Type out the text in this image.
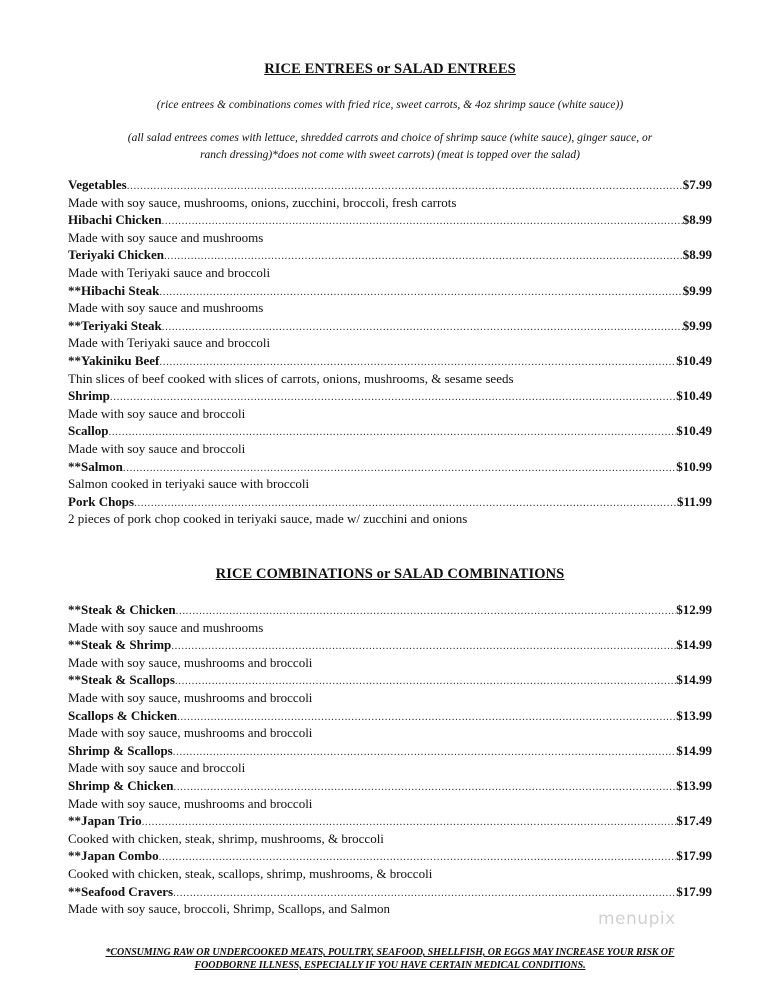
RICE ENTREES or SALAD ENTREES
(rice entrees & combinations comes with fried rice, sweet carrots, & 4oz shrimp sauce (white sauce))
(all salad entrees comes with lettuce, shredded carrots and choice of shrimp sauce (white sauce), ginger sauce, or
ranch dressing)*does not come with sweet carrots) (meat is topped over the salad)
Vegetables .....	$7.99
Made with soy sauce, mushrooms, onions, zucchini, broccoli, fresh carrots
Hibachi Chicken .....	$8.99
Made with soy sauce and mushrooms
Teriyaki Chicken .....	$8.99
Made with Teriyaki sauce and broccoli
**Hibachi Steak .....	$9.99
Made with soy sauce and mushrooms
**Teriyaki Steak .....	$9.99
Made with Teriyaki sauce and broccoli
**Yakiniku Beef .....	$10.49
Thin slices of beef cooked with slices of carrots, onions, mushrooms, & sesame seeds
Shrimp .....	$10.49
Made with soy sauce and broccoli
Scallop .....	$10.49
Made with soy sauce and broccoli
**Salmon .....	$10.99
Salmon cooked in teriyaki sauce with broccoli
Pork Chops .....	$11.99
2 pieces of pork chop cooked in teriyaki sauce, made w/ zucchini and onions
RICE COMBINATIONS or SALAD COMBINATIONS
**Steak & Chicken .....	$12.99
Made with soy sauce and mushrooms
**Steak & Shrimp .....	$14.99
Made with soy sauce, mushrooms and broccoli
**Steak & Scallops .....	$14.99
Made with soy sauce, mushrooms and broccoli
Scallops & Chicken .....	$13.99
Made with soy sauce, mushrooms and broccoli
Shrimp & Scallops .....	$14.99
Made with soy sauce and broccoli
Shrimp & Chicken .....	$13.99
Made with soy sauce, mushrooms and broccoli
**Japan Trio .....	$17.49
Cooked with chicken, steak, shrimp, mushrooms, & broccoli
**Japan Combo .....	$17.99
Cooked with chicken, steak, scallops, shrimp, mushrooms, & broccoli
**Seafood Cravers .....	$17.99
Made with soy sauce, broccoli, Shrimp, Scallops, and Salmon
menupix
*CONSUMING RAW OR UNDERCOOKED MEATS, POULTRY, SEAFOOD, SHELLFISH, OR EGGS MAY INCREASE YOUR RISK OF
FOODBORNE ILLNESS, ESPECIALLY IF YOU HAVE CERTAIN MEDICAL CONDITIONS.
